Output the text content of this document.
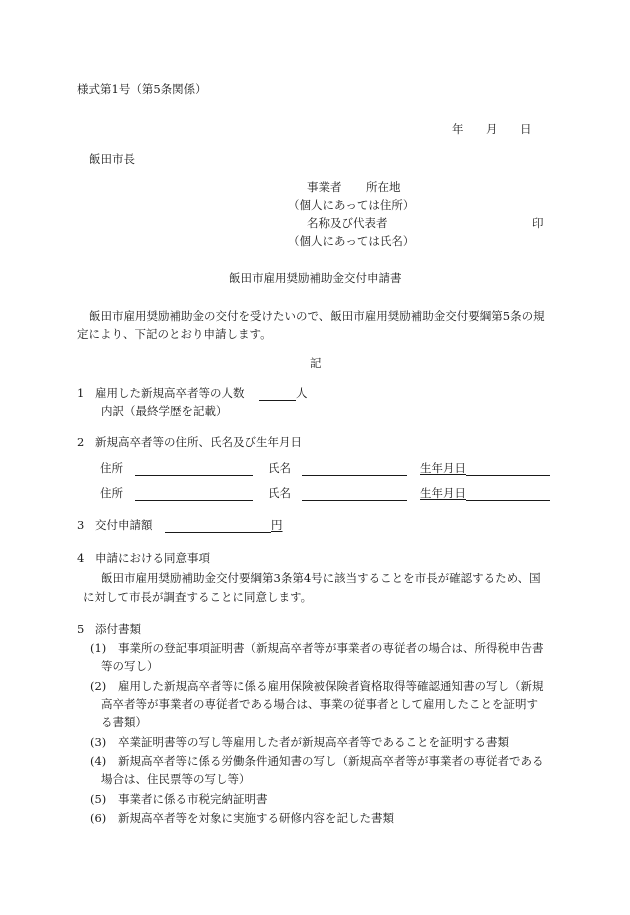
様式第1号（第5条関係）
年 月 日
飯田市長
事業者 所在地
（個人にあっては住所）
名称及び代表者	印
（個人にあっては氏名）
飯田市雇用奨励補助金交付申請書
飯田市雇用奨励補助金の交付を受けたいので、飯田市雇用奨励補助金交付要綱第5条の規
定により、下記のとおり申請します。
記
1 雇用した新規高卒者等の人数	人
内訳（最終学歴を記載）
2 新規高卒者等の住所、氏名及び生年月日
住所	氏名	生年月日
住所	氏名	生年月日
3 交付申請額	円
4 申請における同意事項
飯田市雇用奨励補助金交付要綱第3条第4号に該当することを市長が確認するため、国
に対して市長が調査することに同意します。
5 添付書類
(1) 事業所の登記事項証明書（新規高卒者等が事業者の専従者の場合は、所得税申告書
等の写し）
(2) 雇用した新規高卒者等に係る雇用保険被保険者資格取得等確認通知書の写し（新規
高卒者等が事業者の専従者である場合は、事業の従事者として雇用したことを証明す
る書類）
(3) 卒業証明書等の写し等雇用した者が新規高卒者等であることを証明する書類
(4) 新規高卒者等に係る労働条件通知書の写し（新規高卒者等が事業者の専従者である
場合は、住民票等の写し等）
(5) 事業者に係る市税完納証明書
(6) 新規高卒者等を対象に実施する研修内容を記した書類
